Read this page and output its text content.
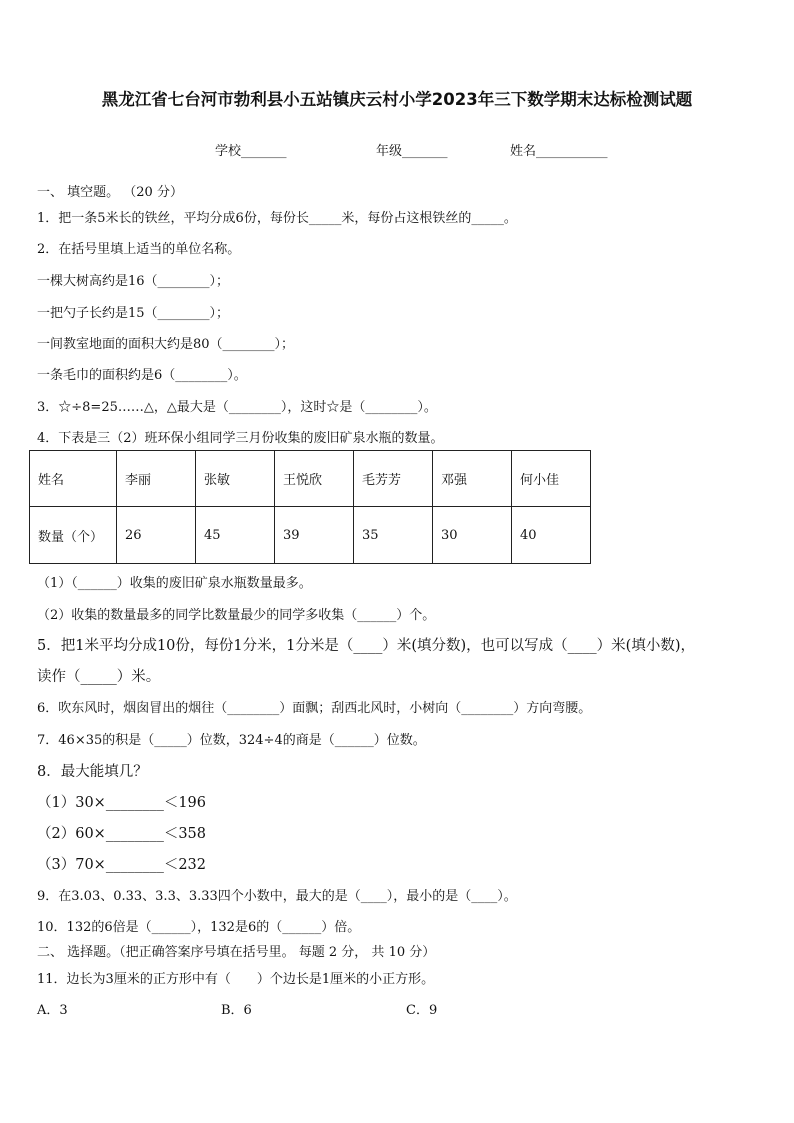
黑龙江省七台河市勃利县小五站镇庆云村小学2023年三下数学期末达标检测试题
学校_______	年级_______	姓名___________
一、 填空题。 （20 分）
1．把一条5米长的铁丝，平均分成6份，每份长_____米，每份占这根铁丝的_____。
2．在括号里填上适当的单位名称。
一棵大树高约是16（________）；
一把勺子长约是15（________）；
一间教室地面的面积大约是80（________）；
一条毛巾的面积约是6（________）。
3．☆÷8=25……△，△最大是（________），这时☆是（________）。
4．下表是三（2）班环保小组同学三月份收集的废旧矿泉水瓶的数量。
姓名	李丽	张敏	王悦欣	毛芳芳	邓强	何小佳
数量（个）	26	45	39	35	30	40
（1）（______）收集的废旧矿泉水瓶数量最多。
（2）收集的数量最多的同学比数量最少的同学多收集（______）个。
5．把1米平均分成10份，每份1分米，1分米是（____）米(填分数)，也可以写成（____）米(填小数)，
读作（_____）米。
6．吹东风时，烟囱冒出的烟往（________）面飘；刮西北风时，小树向（________）方向弯腰。
7．46×35的积是（_____）位数，324÷4的商是（______）位数。
8．最大能填几？
（1）30×________＜196
（2）60×________＜358
（3）70×________＜232
9．在3.03、0.33、3.3、3.33四个小数中，最大的是（____），最小的是（____）。
10．132的6倍是（______），132是6的（______）倍。
二、 选择题。（把正确答案序号填在括号里。 每题 2 分， 共 10 分）
11．边长为3厘米的正方形中有（　　）个边长是1厘米的小正方形。
A．3	B．6	C．9
